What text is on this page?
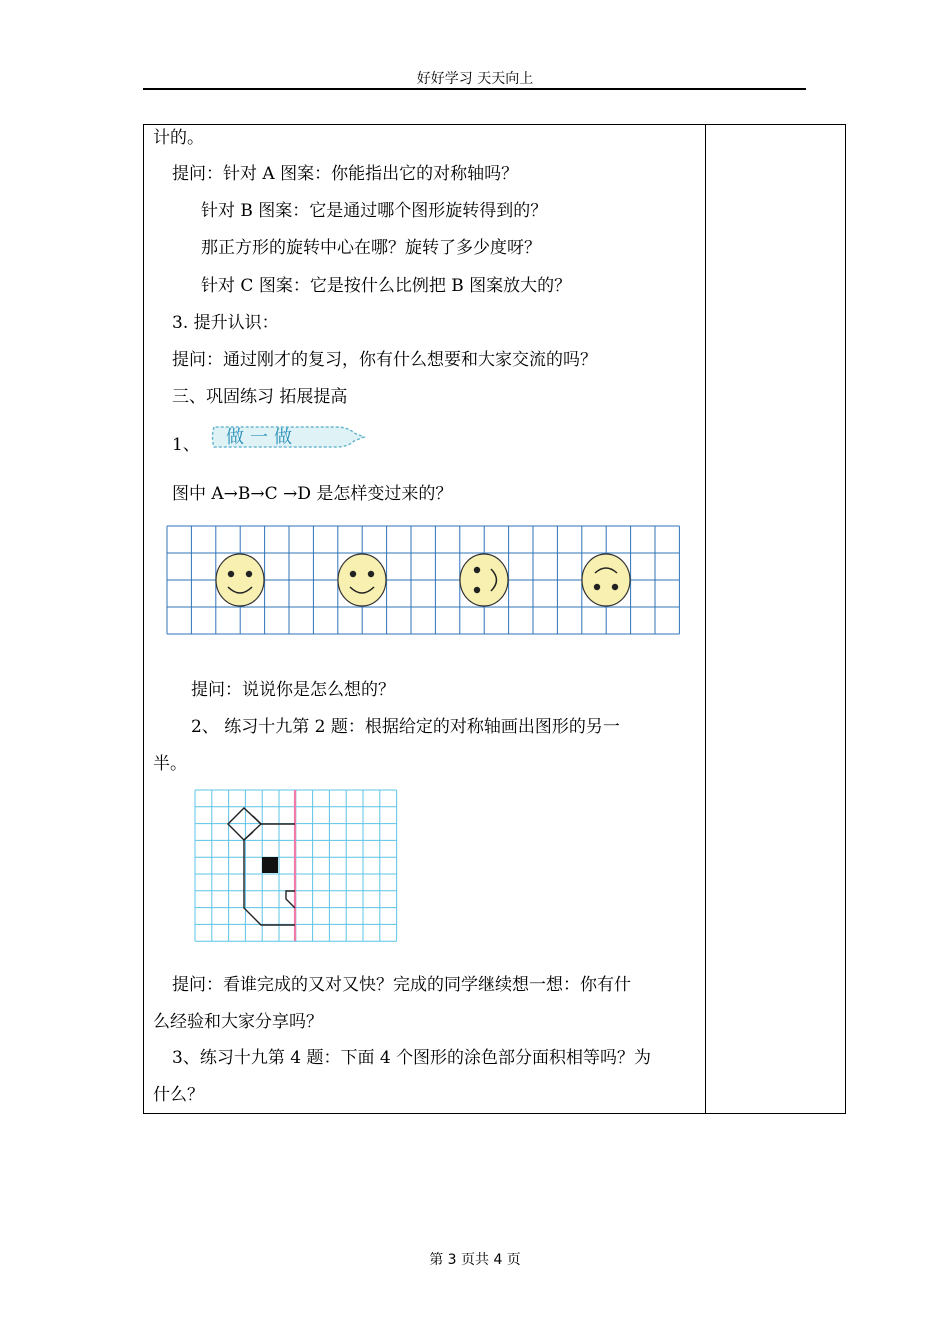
好好学习 天天向上
计的。
提问：针对 A 图案：你能指出它的对称轴吗？
针对 B 图案：它是通过哪个图形旋转得到的？
那正方形的旋转中心在哪？旋转了多少度呀？
针对 C 图案：它是按什么比例把 B 图案放大的？
3. 提升认识：
提问：通过刚才的复习，你有什么想要和大家交流的吗？
三、巩固练习 拓展提高
1、 做一做
图中 A→B→C →D 是怎样变过来的？
提问：说说你是怎么想的？
2、 练习十九第 2 题：根据给定的对称轴画出图形的另一
半。
提问：看谁完成的又对又快？完成的同学继续想一想：你有什
么经验和大家分享吗？
3、练习十九第 4 题：下面 4 个图形的涂色部分面积相等吗？为
什么？
第 3 页共 4 页
